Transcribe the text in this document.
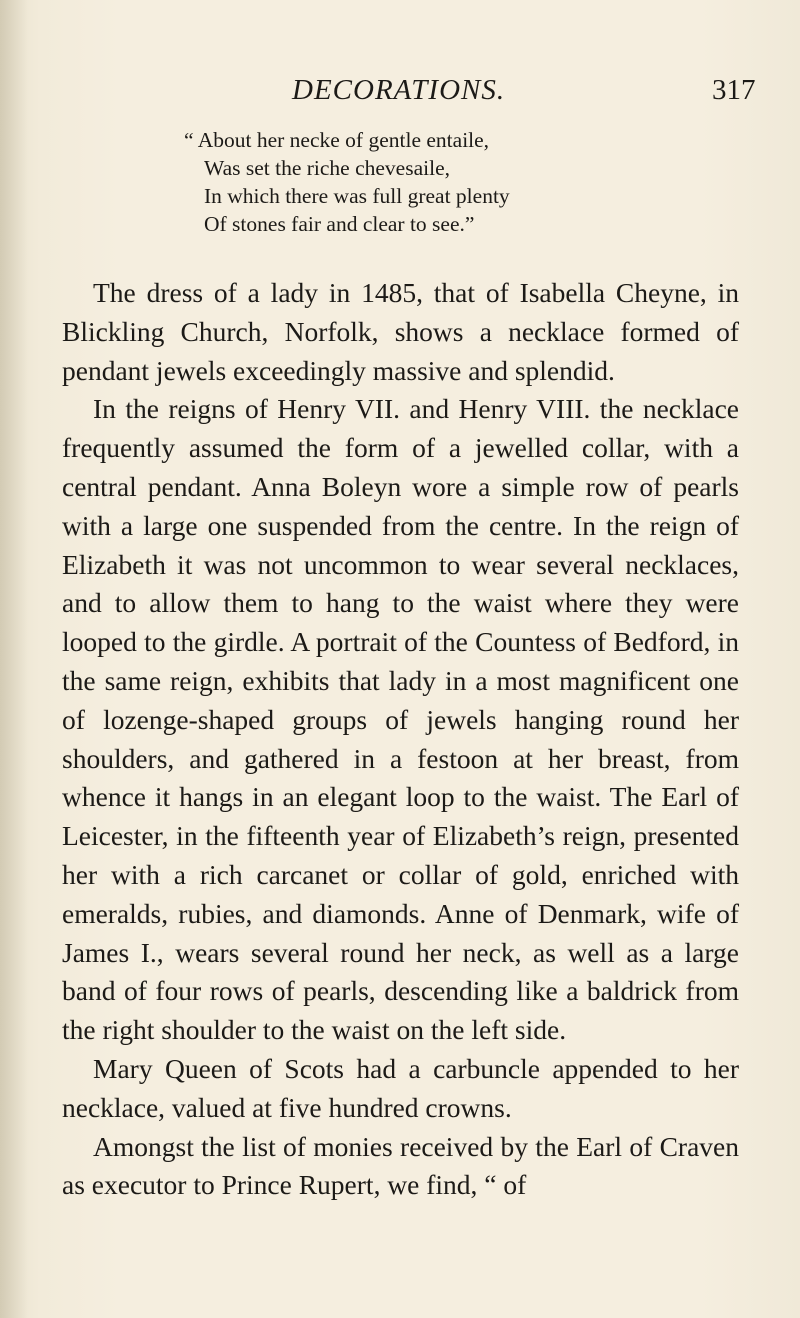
DECORATIONS.	317
“ About her necke of gentle entaile,
Was set the riche chevesaile,
In which there was full great plenty
Of stones fair and clear to see.”

The dress of a lady in 1485, that of Isabella Cheyne, in Blickling Church, Norfolk, shows a necklace formed of pendant jewels exceedingly massive and splendid.

In the reigns of Henry VII. and Henry VIII. the necklace frequently assumed the form of a jewelled collar, with a central pendant. Anna Boleyn wore a simple row of pearls with a large one suspended from the centre. In the reign of Elizabeth it was not uncommon to wear several necklaces, and to allow them to hang to the waist where they were looped to the girdle. A portrait of the Countess of Bedford, in the same reign, exhibits that lady in a most magnificent one of lozenge-shaped groups of jewels hanging round her shoulders, and gathered in a festoon at her breast, from whence it hangs in an elegant loop to the waist. The Earl of Leicester, in the fifteenth year of Elizabeth’s reign, presented her with a rich carcanet or collar of gold, enriched with emeralds, rubies, and diamonds. Anne of Denmark, wife of James I., wears several round her neck, as well as a large band of four rows of pearls, descending like a baldrick from the right shoulder to the waist on the left side.

Mary Queen of Scots had a carbuncle appended to her necklace, valued at five hundred crowns.

Amongst the list of monies received by the Earl of Craven as executor to Prince Rupert, we find, “ of
